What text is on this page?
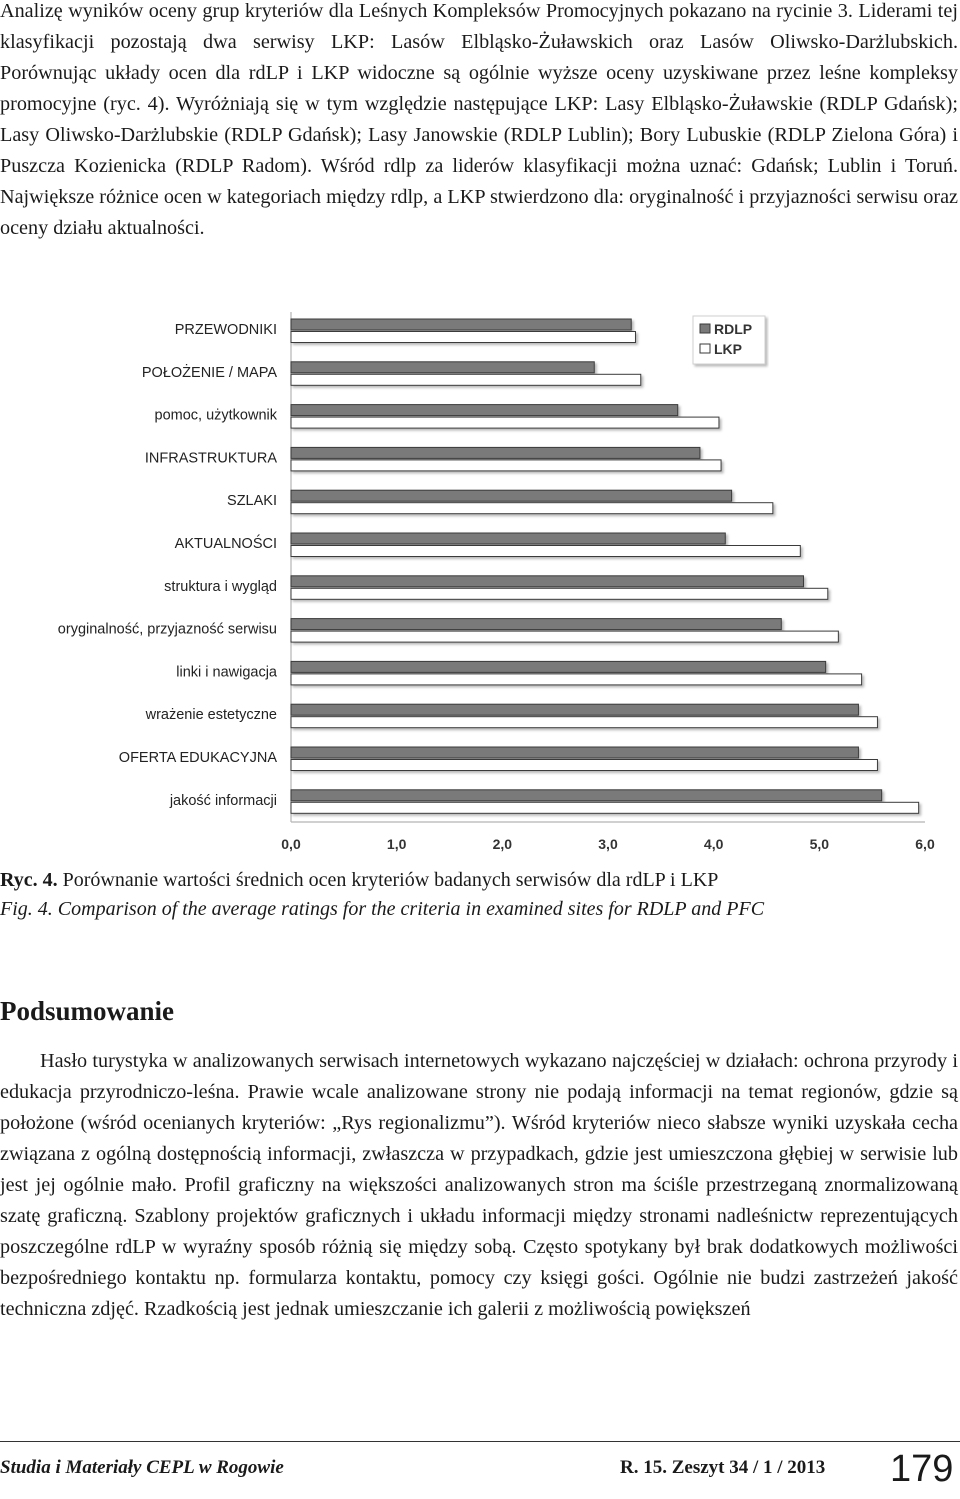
Analizę wyników oceny grup kryteriów dla Leśnych Kompleksów Promocyjnych pokazano na rycinie 3. Liderami tej klasyfikacji pozostają dwa serwisy LKP: Lasów Elbląsko-Żuławskich oraz Lasów Oliwsko-Darżlubskich. Porównując układy ocen dla rdLP i LKP widoczne są ogólnie wyższe oceny uzyskiwane przez leśne kompleksy promocyjne (ryc. 4). Wyróżniają się w tym względzie następujące LKP: Lasy Elbląsko-Żuławskie (RDLP Gdańsk); Lasy Oliwsko-Darżlubskie (RDLP Gdańsk); Lasy Janowskie (RDLP Lublin); Bory Lubuskie (RDLP Zielona Góra) i Puszcza Kozienicka (RDLP Radom). Wśród rdlp za liderów klasyfikacji można uznać: Gdańsk; Lublin i Toruń. Największe różnice ocen w kategoriach między rdlp, a LKP stwierdzono dla: oryginalność i przyjazności serwisu oraz oceny działu aktualności.

PRZEWODNIKI
POŁOŻENIE / MAPA
pomoc, użytkownik
INFRASTRUKTURA
SZLAKI
AKTUALNOŚCI
struktura i wygląd
oryginalność, przyjazność serwisu
linki i nawigacja
wrażenie estetyczne
OFERTA EDUKACYJNA
jakość informacji
0,0	1,0	2,0	3,0	4,0	5,0	6,0
RDLP
LKP
Ryc. 4. Porównanie wartości średnich ocen kryteriów badanych serwisów dla rdLP i LKP
Fig. 4. Comparison of the average ratings for the criteria in examined sites for RDLP and PFC
Podsumowanie

Hasło turystyka w analizowanych serwisach internetowych wykazano najczęściej w działach: ochrona przyrody i edukacja przyrodniczo-leśna. Prawie wcale analizowane strony nie podają informacji na temat regionów, gdzie są położone (wśród ocenianych kryteriów: „Rys regionalizmu”). Wśród kryteriów nieco słabsze wyniki uzyskała cecha związana z ogólną dostępnością informacji, zwłaszcza w przypadkach, gdzie jest umieszczona głębiej w serwisie lub jest jej ogólnie mało. Profil graficzny na większości analizowanych stron ma ściśle przestrzeganą znormalizowaną szatę graficzną. Szablony projektów graficznych i układu informacji między stronami nadleśnictw reprezentujących poszczególne rdLP w wyraźny sposób różnią się między sobą. Często spotykany był brak dodatkowych możliwości bezpośredniego kontaktu np. formularza kontaktu, pomocy czy księgi gości. Ogólnie nie budzi zastrzeżeń jakość techniczna zdjęć. Rzadkością jest jednak umieszczanie ich galerii z możliwością powiększeń

Studia i Materiały CEPL w Rogowie	R. 15. Zeszyt 34 / 1 / 2013 179
